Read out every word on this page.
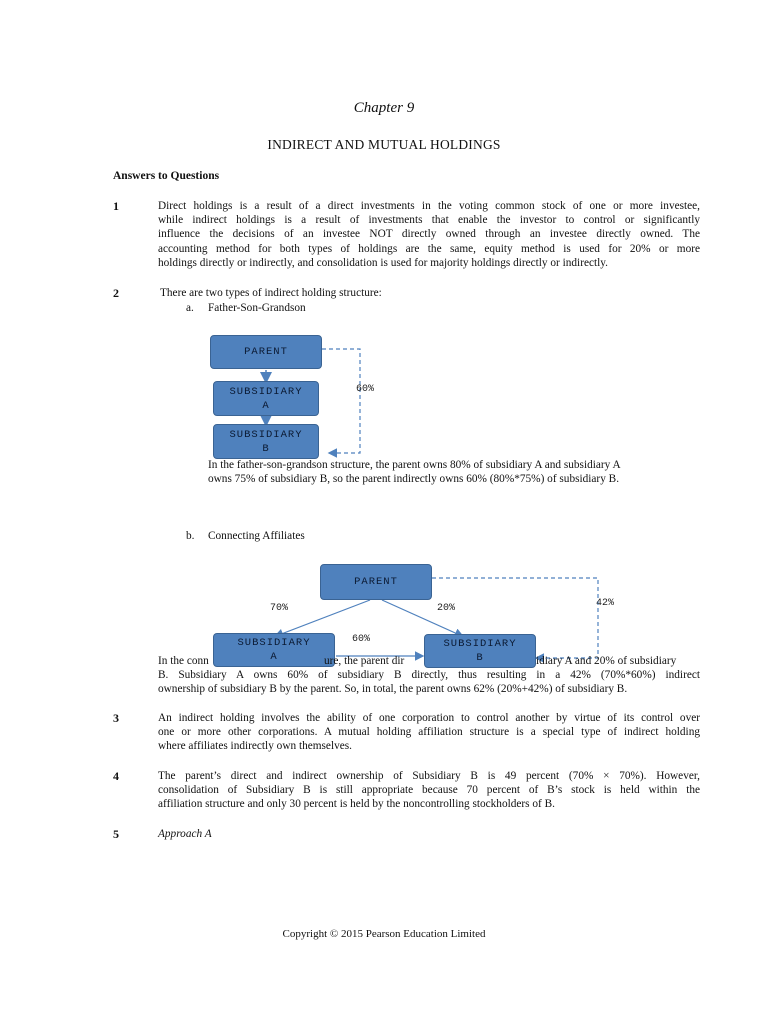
Chapter 9
INDIRECT AND MUTUAL HOLDINGS
Answers to Questions
1	Direct holdings is a result of a direct investments in the voting common stock of one or more investee,
while indirect holdings is a result of investments that enable the investor to control or significantly
influence the decisions of an investee NOT directly owned through an investee directly owned. The
accounting method for both types of holdings are the same, equity method is used for 20% or more
holdings directly or indirectly, and consolidation is used for majority holdings directly or indirectly.
2	There are two types of indirect holding structure:
a. Father-Son-Grandson
PARENT
SUBSIDIARY
A
SUBSIDIARY
B
60%
In the father-son-grandson structure, the parent owns 80% of subsidiary A and subsidiary A
owns 75% of subsidiary B, so the parent indirectly owns 60% (80%*75%) of subsidiary B.
b. Connecting Affiliates
PARENT
SUBSIDIARY
A
SUBSIDIARY
B
70%	20%
60%
42%
In the conn	ure, the parent dir	idiary A and 20% of subsidiary
B. Subsidiary A owns 60% of subsidiary B directly, thus resulting in a 42% (70%*60%) indirect
ownership of subsidiary B by the parent. So, in total, the parent owns 62% (20%+42%) of subsidiary B.
3	An indirect holding involves the ability of one corporation to control another by virtue of its control over
one or more other corporations. A mutual holding affiliation structure is a special type of indirect holding
where affiliates indirectly own themselves.
4	The parent’s direct and indirect ownership of Subsidiary B is 49 percent (70% × 70%). However,
consolidation of Subsidiary B is still appropriate because 70 percent of B’s stock is held within the
affiliation structure and only 30 percent is held by the noncontrolling stockholders of B.
5	Approach A
Copyright © 2015 Pearson Education Limited
